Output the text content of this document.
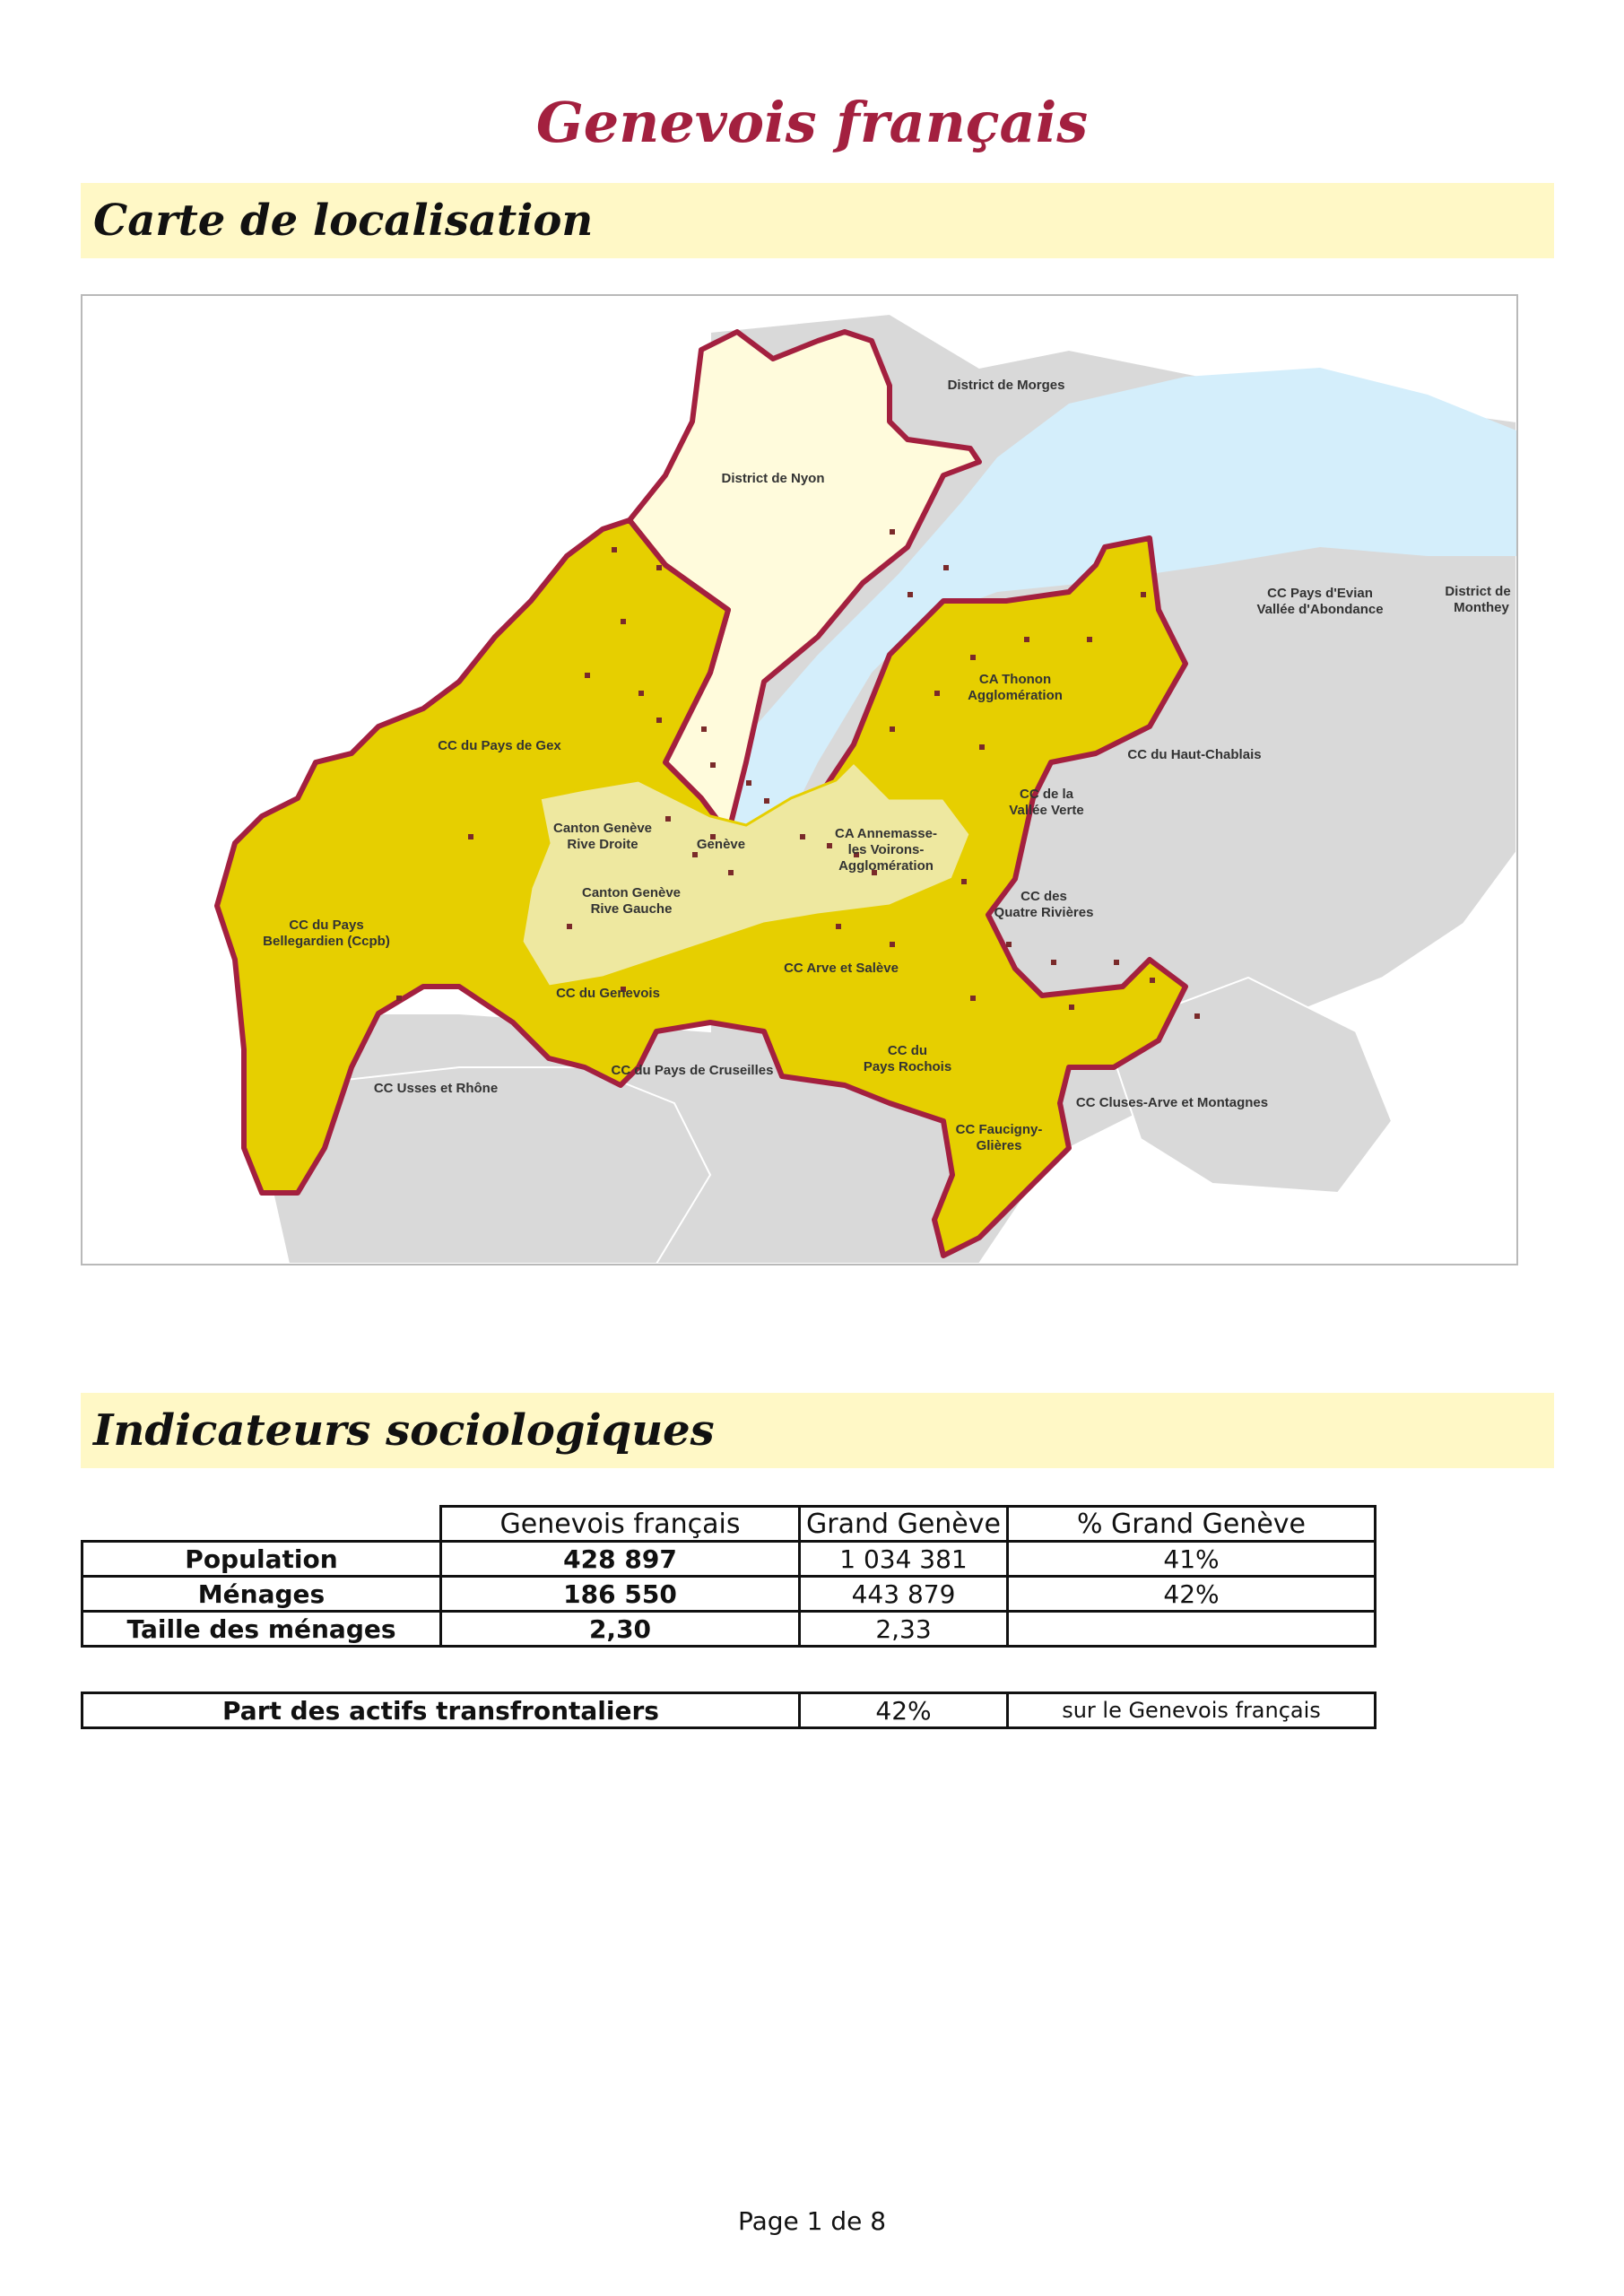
Genevois français
Carte de localisation
District de Morges
District de Nyon
CC Pays d'Evian
Vallée d'Abondance
District de
Monthey
CA Thonon
Agglomération
CC du Pays de Gex
CC du Haut-Chablais
CC de la
Vallée Verte
Canton Genève
Rive Droite	Genève
CA Annemasse-
les Voirons-
Agglomération
CC des
Quatre Rivières
Canton Genève
Rive Gauche
CC du Pays
Bellegardien (Ccpb)
CC Arve et Salève
CC du Genevois
CC du
Pays Rochois
CC Usses et Rhône
CC du Pays de Cruseilles
CC Cluses-Arve et Montagnes
CC Faucigny-
Glières
Indicateurs sociologiques
	Genevois français	Grand Genève	% Grand Genève
Population	428 897	1 034 381	41%
Ménages	186 550	443 879	42%
Taille des ménages	2,30	2,33	
Part des actifs transfrontaliers	42%	sur le Genevois français
Page 1 de 8
